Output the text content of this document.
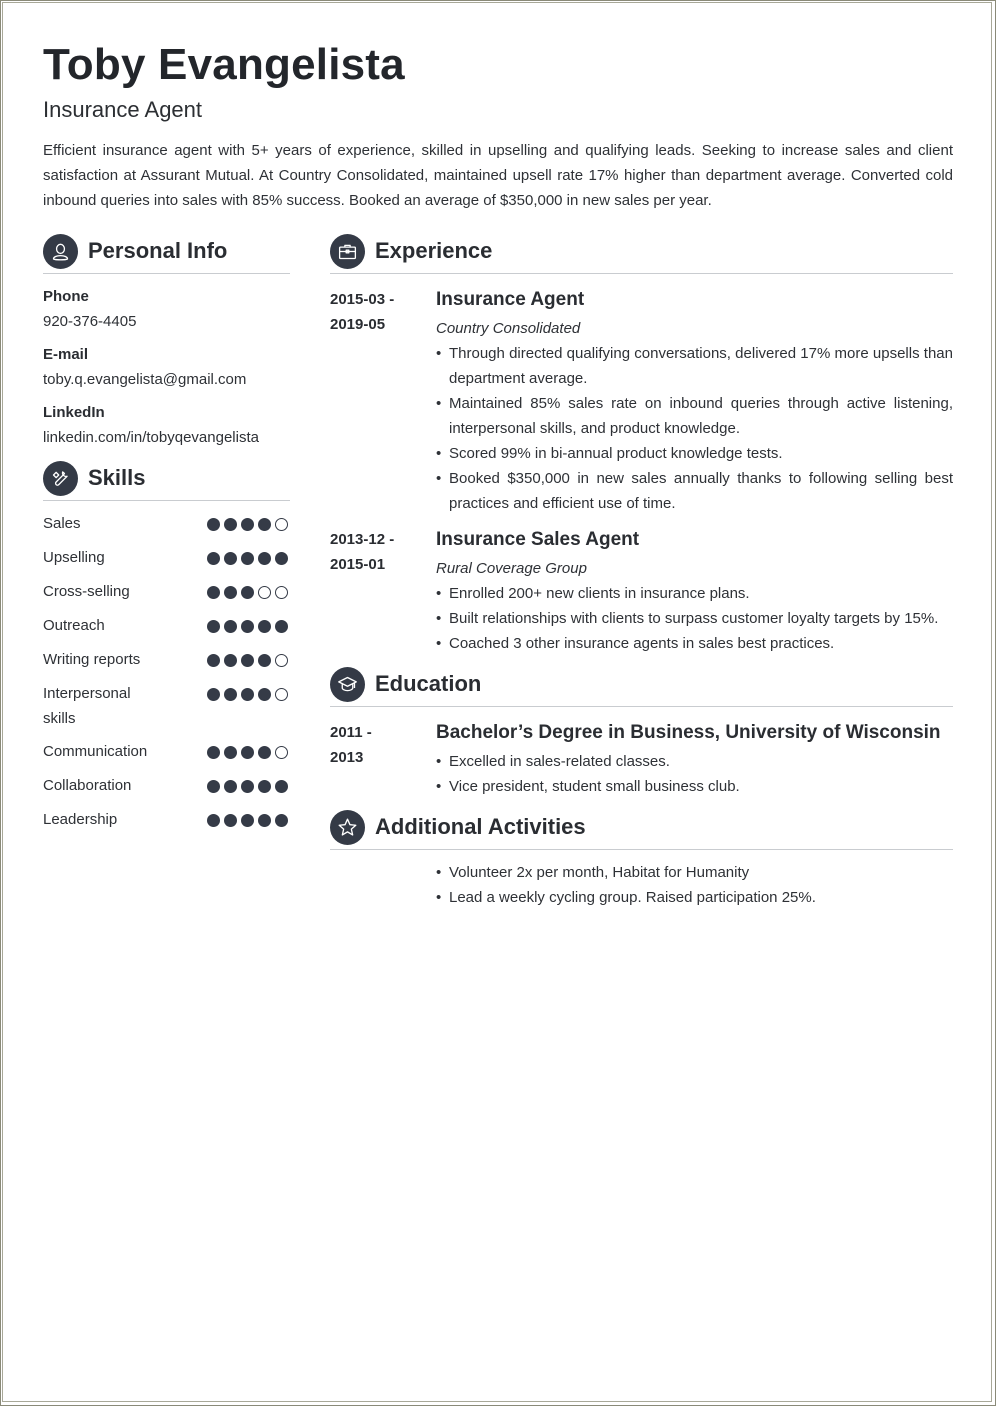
Toby Evangelista
Insurance Agent

Efficient insurance agent with 5+ years of experience, skilled in upselling and qualifying leads. Seeking to increase sales and client satisfaction at Assurant Mutual. At Country Consolidated, maintained upsell rate 17% higher than department average. Converted cold inbound queries into sales with 85% success. Booked an average of $350,000 in new sales per year.

Personal Info
Phone
920-376-4405
E-mail
toby.q.evangelista@gmail.com
LinkedIn
linkedin.com/in/tobyqevangelista
Skills
Sales
Upselling
Cross-selling
Outreach
Writing reports
Interpersonal skills
Communication
Collaboration
Leadership
Experience
2015-03 -
2019-05
Insurance Agent
Country Consolidated
• Through directed qualifying conversations, delivered 17% more upsells than department average.
• Maintained 85% sales rate on inbound queries through active listening, interpersonal skills, and product knowledge.
• Scored 99% in bi-annual product knowledge tests.
• Booked $350,000 in new sales annually thanks to following selling best practices and efficient use of time.
2013-12 -
2015-01
Insurance Sales Agent
Rural Coverage Group
• Enrolled 200+ new clients in insurance plans.
• Built relationships with clients to surpass customer loyalty targets by 15%.
• Coached 3 other insurance agents in sales best practices.
Education
2011 -
2013
Bachelor’s Degree in Business, University of Wisconsin
• Excelled in sales-related classes.
• Vice president, student small business club.
Additional Activities
• Volunteer 2x per month, Habitat for Humanity
• Lead a weekly cycling group. Raised participation 25%.
